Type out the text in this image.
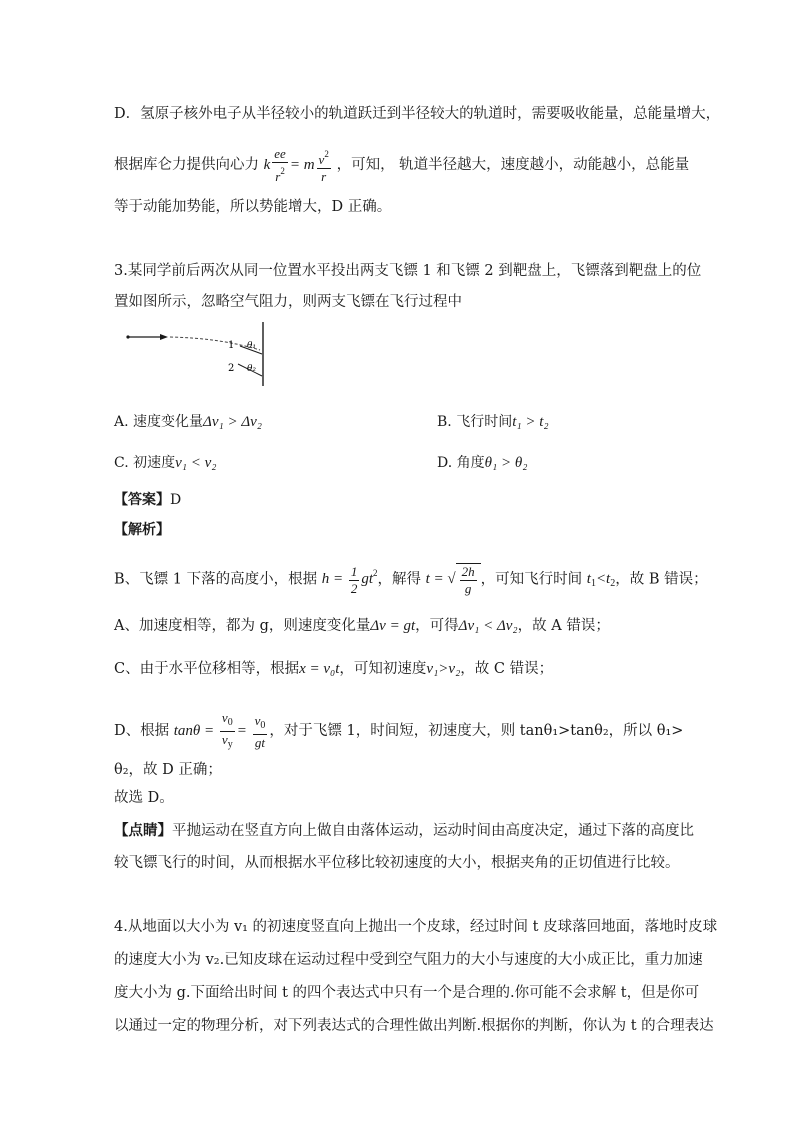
D．氢原子核外电子从半径较小的轨道跃迁到半径较大的轨道时，需要吸收能量，总能量增大，
根据库仑力提供向心力 k $\frac{ee}{r^2} = m \frac{v^2}{r}$ ，可知， 轨道半径越大，速度越小，动能越小，总能量
等于动能加势能，所以势能增大，D 正确。
3.某同学前后两次从同一位置水平投出两支飞镖 1 和飞镖 2 到靶盘上，飞镖落到靶盘上的位
置如图所示，忽略空气阻力，则两支飞镖在飞行过程中
1
2
θ₁
θ₂
A. 速度变化量Δv₁ > Δv₂	B. 飞行时间t₁ > t₂
C. 初速度v₁ < v₂	D. 角度θ₁ > θ₂
【答案】D
【解析】
B、飞镖 1 下落的高度小，根据 $h = \frac{1}{2} gt^2$，解得 t = √ $\frac{2h}{g}$ ，可知飞行时间 $t_1<t_2$，故 B 错误；
A、加速度相等，都为 g，则速度变化量Δv = gt，可得Δv₁ < Δv₂，故 A 错误；
C、由于水平位移相等，根据x = v₀t，可知初速度v₁>v₂，故 C 错误；
D、根据 $\tan\theta = \frac{v_0}{v_y} = \frac{v_0}{gt}$ ，对于飞镖 1，时间短，初速度大，则 tanθ₁>tanθ₂，所以 θ₁>
θ₂，故 D 正确；
故选 D。
【点睛】平抛运动在竖直方向上做自由落体运动，运动时间由高度决定，通过下落的高度比
较飞镖飞行的时间，从而根据水平位移比较初速度的大小，根据夹角的正切值进行比较。
4.从地面以大小为 v₁ 的初速度竖直向上抛出一个皮球，经过时间 t 皮球落回地面，落地时皮球
的速度大小为 v₂.已知皮球在运动过程中受到空气阻力的大小与速度的大小成正比，重力加速
度大小为 g.下面给出时间 t 的四个表达式中只有一个是合理的.你可能不会求解 t，但是你可
以通过一定的物理分析，对下列表达式的合理性做出判断.根据你的判断，你认为 t 的合理表达
